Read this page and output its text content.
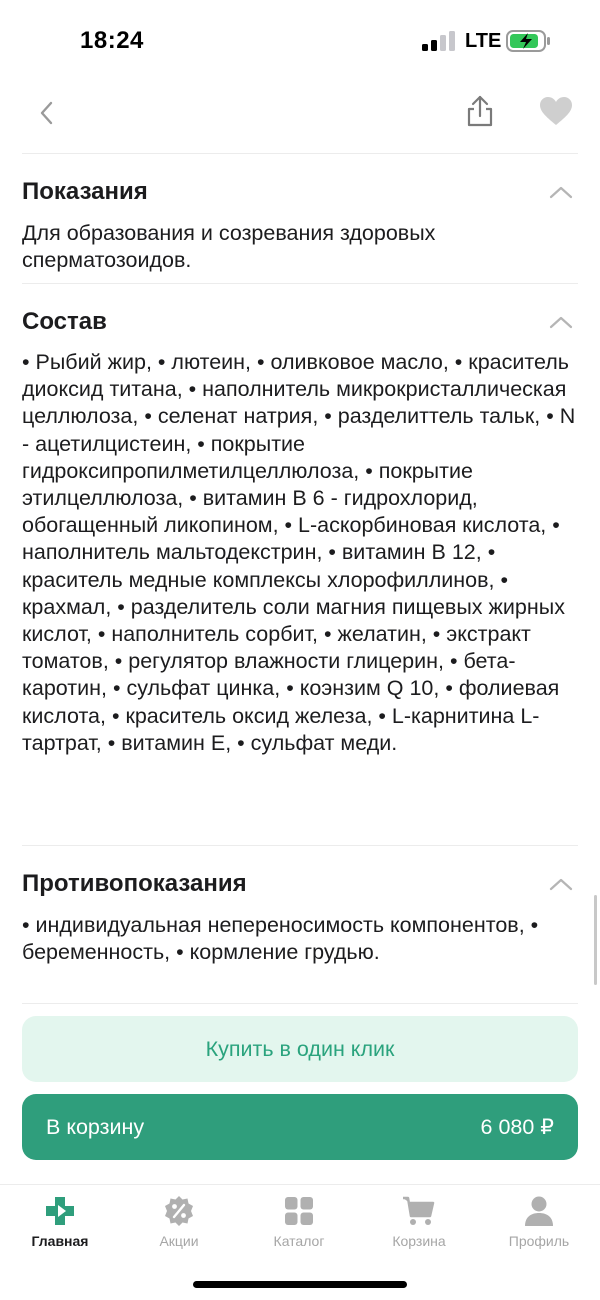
18:24	LTE
Показания
Для образования и созревания здоровых сперматозоидов.
Состав
• Рыбий жир, • лютеин, • оливковое масло, • краситель диоксид титана, • наполнитель микрокристаллическая целлюлоза, • селенат натрия, • разделиттель тальк, • N - ацетилцистеин, • покрытие гидроксипропилметилцеллюлоза, • покрытие этилцеллюлоза, • витамин В 6 - гидрохлорид, обогащенный ликопином, • L-аскорбиновая кислота, • наполнитель мальтодекстрин, • витамин В 12, • краситель медные комплексы хлорофиллинов, • крахмал, • разделитель соли магния пищевых жирных кислот, • наполнитель сорбит, • желатин, • экстракт томатов, • регулятор влажности глицерин, • бета-каротин, • сульфат цинка, • коэнзим Q 10, • фолиевая кислота, • краситель оксид железа, • L-карнитина L-тартрат, • витамин Е, • сульфат меди.
Противопоказания
• индивидуальная непереносимость компонентов, • беременность, • кормление грудью.
Купить в один клик
В корзину	6 080 ₽
Главная	Акции	Каталог	Корзина	Профиль
